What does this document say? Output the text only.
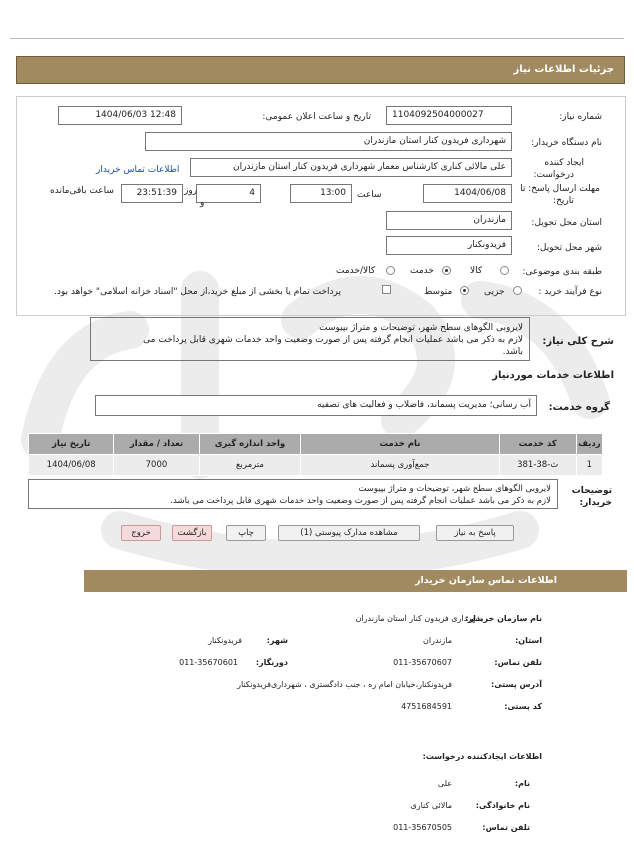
جزئیات اطلاعات نیاز
شماره نیاز:
1104092504000027
تاریخ و ساعت اعلان عمومی:
1404/06/03 12:48
نام دستگاه خریدار:
شهرداری فریدون کنار استان مازندران
ایجاد کننده
درخواست:
علی مالائی کناری کارشناس معمار شهرداری فریدون کنار استان مازندران
اطلاعات تماس خریدار
مهلت ارسال پاسخ: تا
تاریخ:
1404/06/08
ساعت
13:00
4
روز
و
23:51:39
ساعت باقی‌مانده
استان محل تحویل:
مازندران
شهر محل تحویل:
فریدونکنار
طبقه بندی موضوعی:
کالا
خدمت
کالا/خدمت
نوع فرآیند خرید :
جزیی
متوسط
پرداخت تمام یا بخشی از مبلغ خرید،از محل "اسناد خزانه اسلامی" خواهد بود.
شرح کلی نیاز:
لایروبی الگوهای سطح شهر، توضیحات و متراژ بپیوست
لازم به ذکر می باشد عملیات انجام گرفته پس از صورت وضعیت واحد خدمات شهری قابل پرداخت می
باشد.
اطلاعات خدمات موردنیاز
گروه خدمت:
آب رسانی؛ مدیریت پسماند، فاضلاب و فعالیت های تصفیه
ردیف	کد خدمت	نام خدمت	واحد اندازه گیری	تعداد / مقدار	تاریخ نیاز
1	ث-38-381	جمع‌آوری پسماند	مترمربع	7000	1404/06/08
توضیحات
خریدار:
لایروبی الگوهای سطح شهر، توضیحات و متراژ بپیوست
لازم به ذکر می باشد عملیات انجام گرفته پس از صورت وضعیت واحد خدمات شهری قابل پرداخت می باشد.
پاسخ به نیاز
مشاهده مدارک پیوستی (1)
چاپ
بازگشت
خروج
اطلاعات تماس سازمان خریدار
نام سازمان خریدار:
شهرداری فریدون کنار استان مازندران
استان:
مازندران
شهر:
فریدونکنار
تلفن تماس:
011-35670607
دورنگار:
011-35670601
آدرس پستی:
فریدونکنار،خیابان امام ره ، جنب دادگستری ، شهرداری‌فریدونکنار
کد پستی:
4751684591
اطلاعات ایجادکننده درخواست:
نام:
علی
نام خانوادگی:
مالائی کناری
تلفن تماس:
011-35670505
